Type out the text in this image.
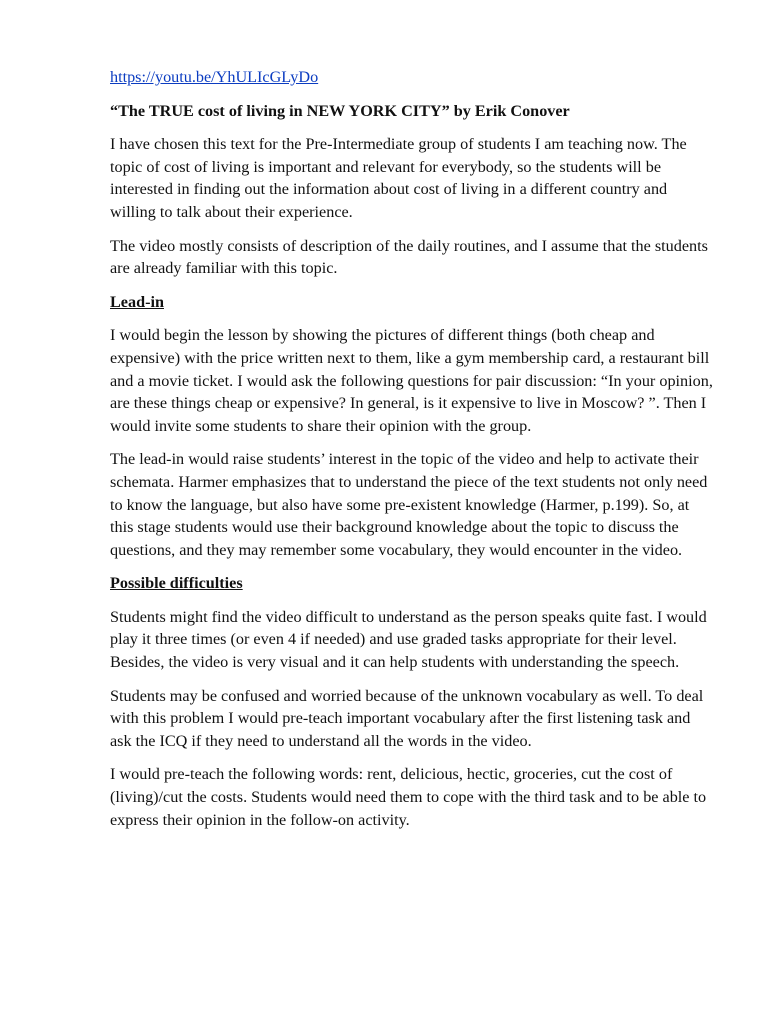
https://youtu.be/YhULIcGLyDo
“The TRUE cost of living in NEW YORK CITY” by Erik Conover

I have chosen this text for the Pre-Intermediate group of students I am teaching now. The topic of cost of living is important and relevant for everybody, so the students will be interested in finding out the information about cost of living in a different country and willing to talk about their experience.

The video mostly consists of description of the daily routines, and I assume that the students are already familiar with this topic.

Lead-in

I would begin the lesson by showing the pictures of different things (both cheap and expensive) with the price written next to them, like a gym membership card, a restaurant bill and a movie ticket. I would ask the following questions for pair discussion: “In your opinion, are these things cheap or expensive? In general, is it expensive to live in Moscow? ”. Then I would invite some students to share their opinion with the group.

The lead-in would raise students’ interest in the topic of the video and help to activate their schemata. Harmer emphasizes that to understand the piece of the text students not only need to know the language, but also have some pre-existent knowledge (Harmer, p.199). So, at this stage students would use their background knowledge about the topic to discuss the questions, and they may remember some vocabulary, they would encounter in the video.

Possible difficulties

Students might find the video difficult to understand as the person speaks quite fast. I would play it three times (or even 4 if needed) and use graded tasks appropriate for their level. Besides, the video is very visual and it can help students with understanding the speech.

Students may be confused and worried because of the unknown vocabulary as well. To deal with this problem I would pre-teach important vocabulary after the first listening task and ask the ICQ if they need to understand all the words in the video.

I would pre-teach the following words: rent, delicious, hectic, groceries, cut the cost of (living)/cut the costs. Students would need them to cope with the third task and to be able to express their opinion in the follow-on activity.
